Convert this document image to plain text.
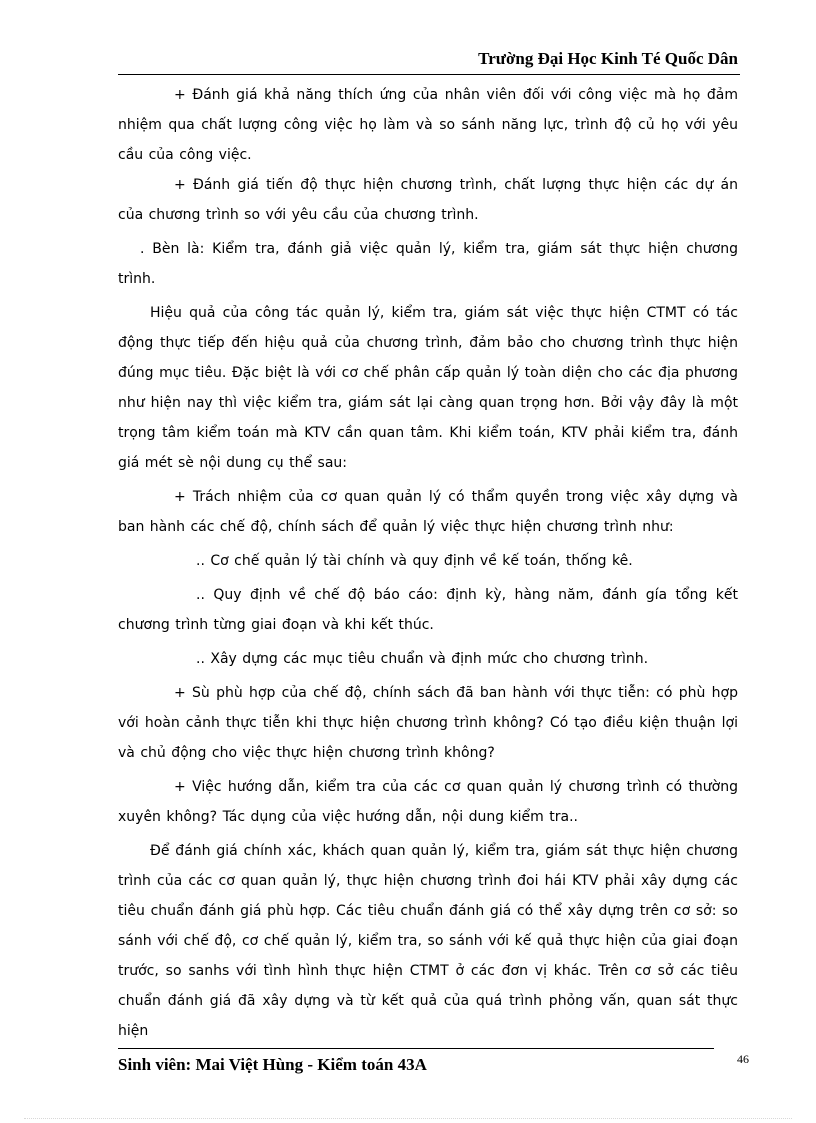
Trường Đại Học Kinh Té Quốc Dân

+ Đánh giá khả năng thích ứng của nhân viên đối với công việc mà họ đảm nhiệm qua chất lượng công việc họ làm và so sánh năng lực, trình độ củ họ với yêu cầu của công việc.

+ Đánh giá tiến độ thực hiện chương trình, chất lượng thực hiện các dự án của chương trình so với yêu cầu của chương trình.

. Bèn là: Kiểm tra, đánh giả việc quản lý, kiểm tra, giám sát thực hiện chương trình.

Hiệu quả của công tác quản lý, kiểm tra, giám sát việc thực hiện CTMT có tác động thực tiếp đến hiệu quả của chương trình, đảm bảo cho chương trình thực hiện đúng mục tiêu. Đặc biệt là với cơ chế phân cấp quản lý toàn diện cho các địa phương như hiện nay thì việc kiểm tra, giám sát lại càng quan trọng hơn. Bởi vậy đây là một trọng tâm kiểm toán mà KTV cần quan tâm. Khi kiểm toán, KTV phải kiểm tra, đánh giá mét sè nội dung cụ thể sau:

+ Trách nhiệm của cơ quan quản lý có thẩm quyền trong việc xây dựng và ban hành các chế độ, chính sách để quản lý việc thực hiện chương trình như:

.. Cơ chế quản lý tài chính và quy định về kế toán, thống kê.

.. Quy định về chế độ báo cáo: định kỳ, hàng năm, đánh gía tổng kết chương trình từng giai đoạn và khi kết thúc.

.. Xây dựng các mục tiêu chuẩn và định mức cho chương trình.

+ Sù phù hợp của chế độ, chính sách đã ban hành với thực tiễn: có phù hợp với hoàn cảnh thực tiễn khi thực hiện chương trình không? Có tạo điều kiện thuận lợi và chủ động cho việc thực hiện chương trình không?

+ Việc hướng dẫn, kiểm tra của các cơ quan quản lý chương trình có thường xuyên không? Tác dụng của việc hướng dẫn, nội dung kiểm tra..

Để đánh giá chính xác, khách quan quản lý, kiểm tra, giám sát thực hiện chương trình của các cơ quan quản lý, thực hiện chương trình đoi hái KTV phải xây dựng các tiêu chuẩn đánh giá phù hợp. Các tiêu chuẩn đánh giá có thể xây dựng trên cơ sở: so sánh với chế độ, cơ chế quản lý, kiểm tra, so sánh với kế quả thực hiện của giai đoạn trước, so sanhs với tình hình thực hiện CTMT ở các đơn vị khác. Trên cơ sở các tiêu chuẩn đánh giá đã xây dựng và từ kết quả của quá trình phỏng vấn, quan sát thực hiện

Sinh viên: Mai Việt Hùng - Kiểm toán 43A	46
